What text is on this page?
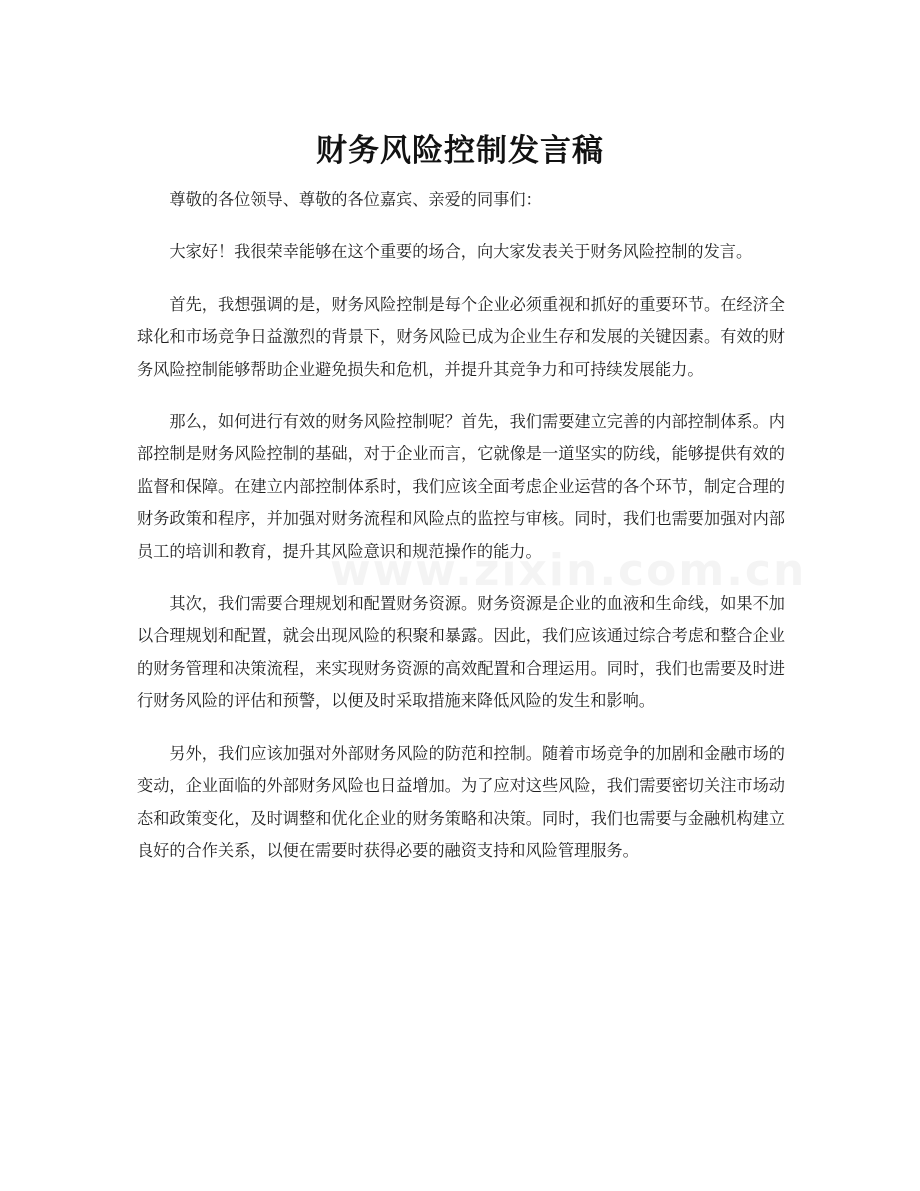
财务风险控制发言稿

尊敬的各位领导、尊敬的各位嘉宾、亲爱的同事们：

大家好！我很荣幸能够在这个重要的场合，向大家发表关于财务风险控制的发言。

首先，我想强调的是，财务风险控制是每个企业必须重视和抓好的重要环节。在经济全球化和市场竞争日益激烈的背景下，财务风险已成为企业生存和发展的关键因素。有效的财务风险控制能够帮助企业避免损失和危机，并提升其竞争力和可持续发展能力。

那么，如何进行有效的财务风险控制呢？首先，我们需要建立完善的内部控制体系。内部控制是财务风险控制的基础，对于企业而言，它就像是一道坚实的防线，能够提供有效的监督和保障。在建立内部控制体系时，我们应该全面考虑企业运营的各个环节，制定合理的财务政策和程序，并加强对财务流程和风险点的监控与审核。同时，我们也需要加强对内部员工的培训和教育，提升其风险意识和规范操作的能力。

其次，我们需要合理规划和配置财务资源。财务资源是企业的血液和生命线，如果不加以合理规划和配置，就会出现风险的积聚和暴露。因此，我们应该通过综合考虑和整合企业的财务管理和决策流程，来实现财务资源的高效配置和合理运用。同时，我们也需要及时进行财务风险的评估和预警，以便及时采取措施来降低风险的发生和影响。

另外，我们应该加强对外部财务风险的防范和控制。随着市场竞争的加剧和金融市场的变动，企业面临的外部财务风险也日益增加。为了应对这些风险，我们需要密切关注市场动态和政策变化，及时调整和优化企业的财务策略和决策。同时，我们也需要与金融机构建立良好的合作关系，以便在需要时获得必要的融资支持和风险管理服务。
